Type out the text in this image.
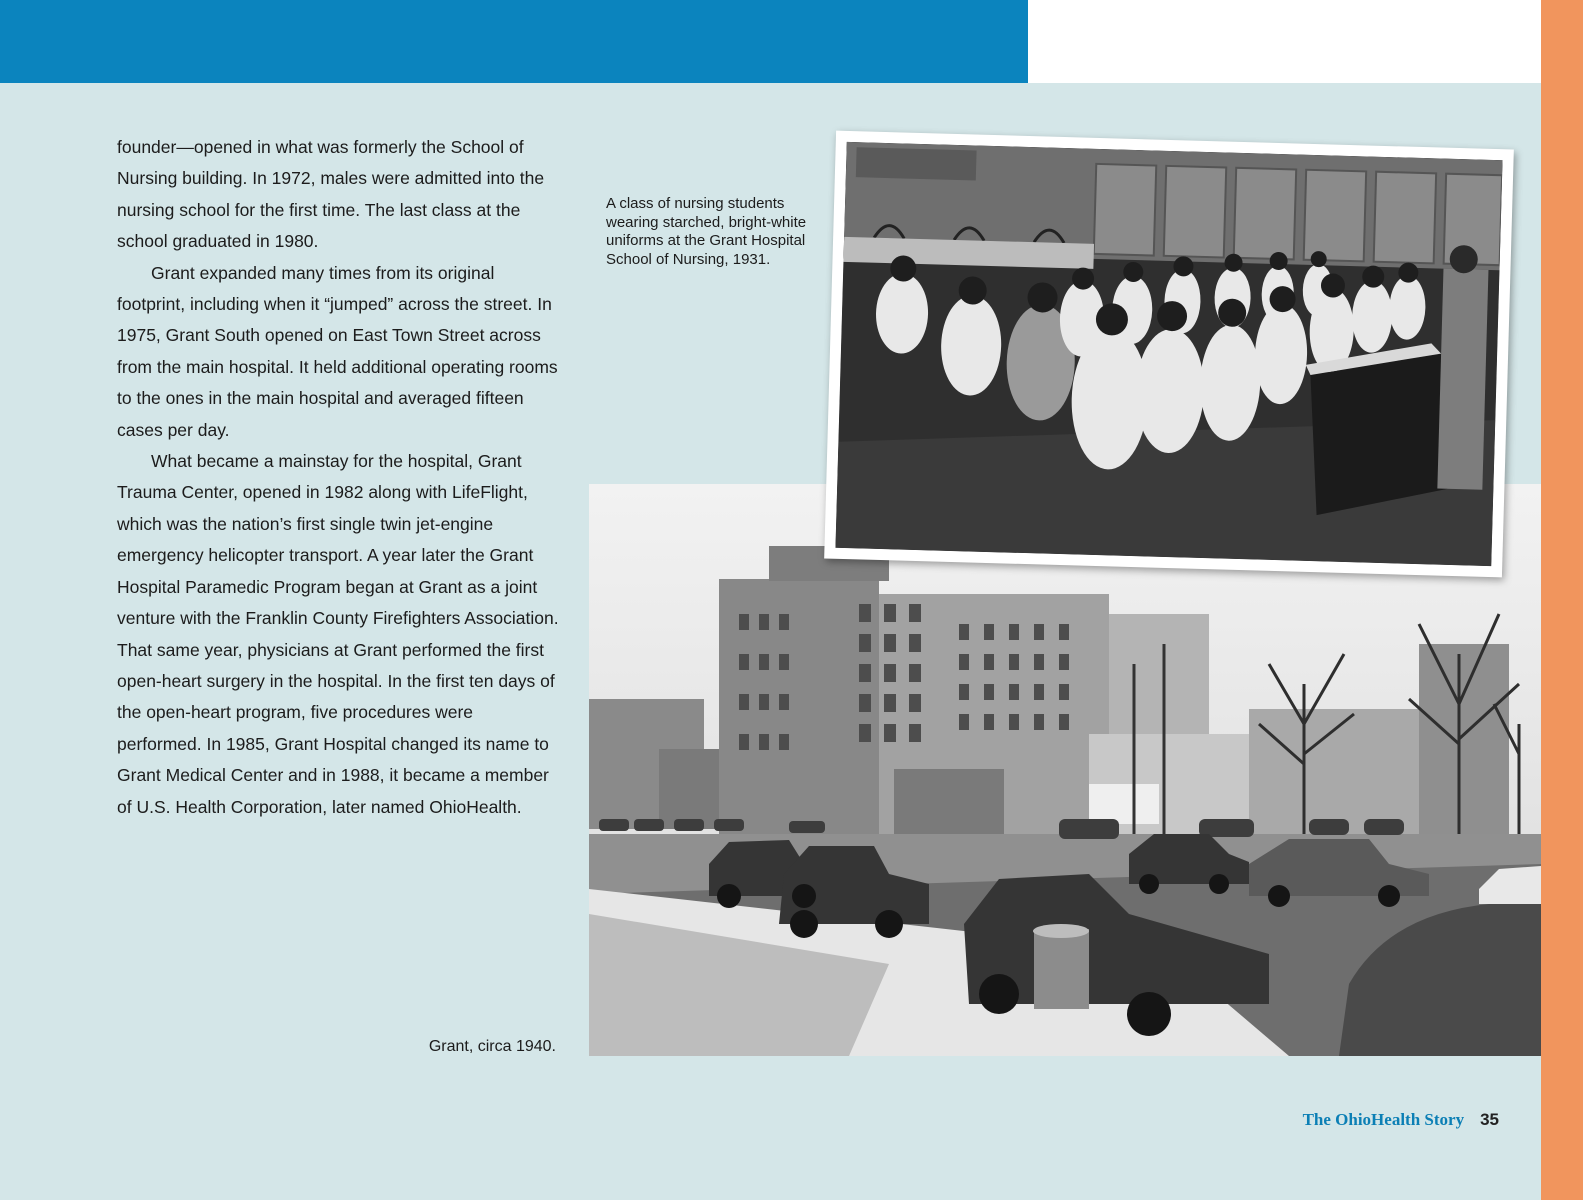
founder—opened in what was formerly the School of Nursing building. In 1972, males were admitted into the nursing school for the first time. The last class at the school graduated in 1980.

Grant expanded many times from its original footprint, including when it “jumped” across the street. In 1975, Grant South opened on East Town Street across from the main hospital. It held additional operating rooms to the ones in the main hospital and averaged fifteen cases per day.

What became a mainstay for the hospital, Grant Trauma Center, opened in 1982 along with LifeFlight, which was the nation’s first single twin jet-engine emergency helicopter transport. A year later the Grant Hospital Paramedic Program began at Grant as a joint venture with the Franklin County Firefighters Association. That same year, physicians at Grant performed the first open-heart surgery in the hospital. In the first ten days of the open-heart program, five procedures were performed. In 1985, Grant Hospital changed its name to Grant Medical Center and in 1988, it became a member of U.S. Health Corporation, later named OhioHealth.

A class of nursing students wearing starched, bright-white uniforms at the Grant Hospital School of Nursing, 1931.
Grant, circa 1940.
The OhioHealth Story 35
